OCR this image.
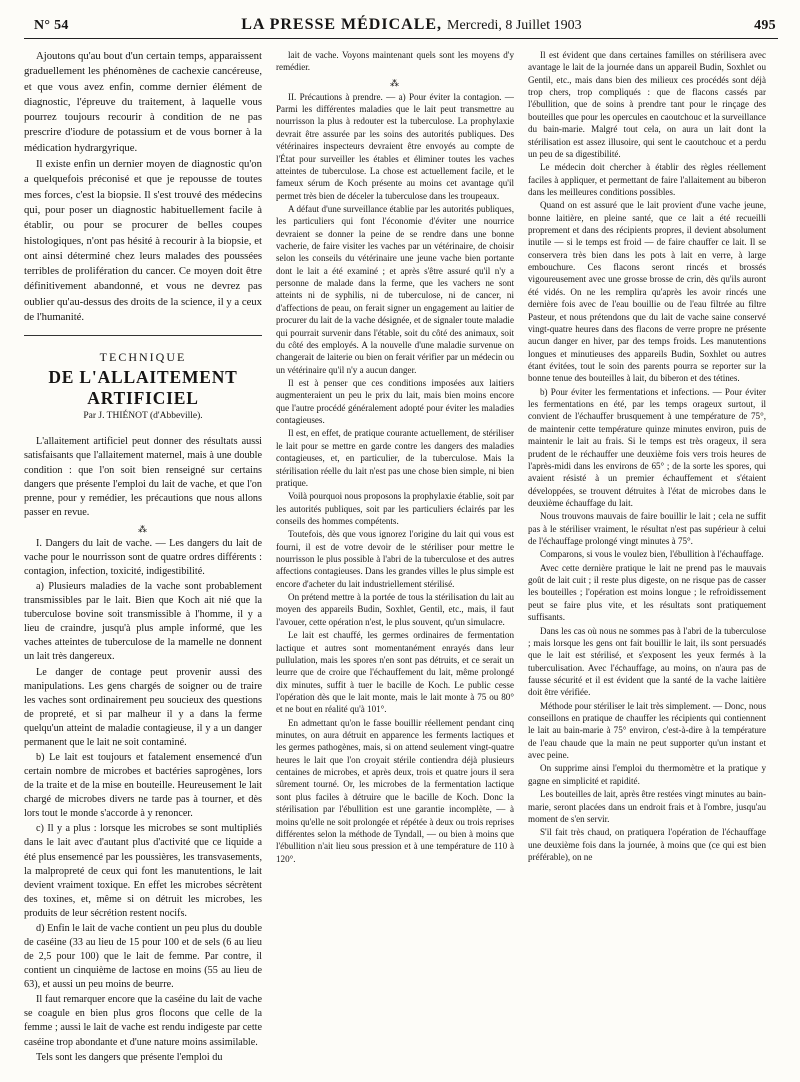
N° 54	LA PRESSE MÉDICALE, Mercredi, 8 Juillet 1903	495

Ajoutons qu'au bout d'un certain temps, apparaissent graduellement les phénomènes de cachexie cancéreuse, et que vous avez enfin, comme dernier élément de diagnostic, l'épreuve du traitement, à laquelle vous pourrez toujours recourir à condition de ne pas prescrire d'iodure de potassium et de vous borner à la médication hydrargyrique.

Il existe enfin un dernier moyen de diagnostic qu'on a quelquefois préconisé et que je repousse de toutes mes forces, c'est la biopsie. Il s'est trouvé des médecins qui, pour poser un diagnostic habituellement facile à établir, ou pour se procurer de belles coupes histologiques, n'ont pas hésité à recourir à la biopsie, et ont ainsi déterminé chez leurs malades des poussées terribles de prolifération du cancer. Ce moyen doit être définitivement abandonné, et vous ne devrez pas oublier qu'au-dessus des droits de la science, il y a ceux de l'humanité.

TECHNIQUE
DE L'ALLAITEMENT ARTIFICIEL
Par J. THIÉNOT (d'Abbeville).

L'allaitement artificiel peut donner des résultats aussi satisfaisants que l'allaitement maternel, mais à une double condition : que l'on soit bien renseigné sur certains dangers que présente l'emploi du lait de vache, et que l'on prenne, pour y remédier, les précautions que nous allons passer en revue.

⁂

I. Dangers du lait de vache. — Les dangers du lait de vache pour le nourrisson sont de quatre ordres différents : contagion, infection, toxicité, indigestibilité.

a) Plusieurs maladies de la vache sont probablement transmissibles par le lait. Bien que Koch ait nié que la tuberculose bovine soit transmissible à l'homme, il y a lieu de craindre, jusqu'à plus ample informé, que les vaches atteintes de tuberculose de la mamelle ne donnent un lait très dangereux.

Le danger de contage peut provenir aussi des manipulations. Les gens chargés de soigner ou de traire les vaches sont ordinairement peu soucieux des questions de propreté, et si par malheur il y a dans la ferme quelqu'un atteint de maladie contagieuse, il y a un danger permanent que le lait ne soit contaminé.

b) Le lait est toujours et fatalement ensemencé d'un certain nombre de microbes et bactéries saprogènes, lors de la traite et de la mise en bouteille. Heureusement le lait chargé de microbes divers ne tarde pas à tourner, et dès lors tout le monde s'accorde à y renoncer.

c) Il y a plus : lorsque les microbes se sont multipliés dans le lait avec d'autant plus d'activité que ce liquide a été plus ensemencé par les poussières, les transvasements, la malpropreté de ceux qui font les manutentions, le lait devient vraiment toxique. En effet les microbes sécrètent des toxines, et, même si on détruit les microbes, les produits de leur sécrétion restent nocifs.

d) Enfin le lait de vache contient un peu plus du double de caséine (33 au lieu de 15 pour 100 et de sels (6 au lieu de 2,5 pour 100) que le lait de femme. Par contre, il contient un cinquième de lactose en moins (55 au lieu de 63), et aussi un peu moins de beurre.

Il faut remarquer encore que la caséine du lait de vache se coagule en bien plus gros flocons que celle de la femme ; aussi le lait de vache est rendu indigeste par cette caséine trop abondante et d'une nature moins assimilable.

Tels sont les dangers que présente l'emploi du

lait de vache. Voyons maintenant quels sont les moyens d'y remédier.

⁂

II. Précautions à prendre. — a) Pour éviter la contagion. — Parmi les différentes maladies que le lait peut transmettre au nourrisson la plus à redouter est la tuberculose. La prophylaxie devrait être assurée par les soins des autorités publiques. Des vétérinaires inspecteurs devraient être envoyés au compte de l'État pour surveiller les étables et éliminer toutes les vaches atteintes de tuberculose. La chose est actuellement facile, et le fameux sérum de Koch présente au moins cet avantage qu'il permet très bien de déceler la tuberculose dans les troupeaux.

A défaut d'une surveillance établie par les autorités publiques, les particuliers qui font l'économie d'éviter une nourrice devraient se donner la peine de se rendre dans une bonne vacherie, de faire visiter les vaches par un vétérinaire, de choisir selon les conseils du vétérinaire une jeune vache bien portante dont le lait a été examiné ; et après s'être assuré qu'il n'y a personne de malade dans la ferme, que les vachers ne sont atteints ni de syphilis, ni de tuberculose, ni de cancer, ni d'affections de peau, on ferait signer un engagement au laitier de procurer du lait de la vache désignée, et de signaler toute maladie qui pourrait survenir dans l'étable, soit du côté des animaux, soit du côté des employés. A la nouvelle d'une maladie survenue on changerait de laiterie ou bien on ferait vérifier par un médecin ou un vétérinaire qu'il n'y a aucun danger.

Il est à penser que ces conditions imposées aux laitiers augmenteraient un peu le prix du lait, mais bien moins encore que l'autre procédé généralement adopté pour éviter les maladies contagieuses.

Il est, en effet, de pratique courante actuellement, de stériliser le lait pour se mettre en garde contre les dangers des maladies contagieuses, et, en particulier, de la tuberculose. Mais la stérilisation réelle du lait n'est pas une chose bien simple, ni bien pratique.

Voilà pourquoi nous proposons la prophylaxie établie, soit par les autorités publiques, soit par les particuliers éclairés par les conseils des hommes compétents.

Toutefois, dès que vous ignorez l'origine du lait qui vous est fourni, il est de votre devoir de le stériliser pour mettre le nourrisson le plus possible à l'abri de la tuberculose et des autres affections contagieuses. Dans les grandes villes le plus simple est encore d'acheter du lait industriellement stérilisé.

On prétend mettre à la portée de tous la stérilisation du lait au moyen des appareils Budin, Soxhlet, Gentil, etc., mais, il faut l'avouer, cette opération n'est, le plus souvent, qu'un simulacre.

Le lait est chauffé, les germes ordinaires de fermentation lactique et autres sont momentanément enrayés dans leur pullulation, mais les spores n'en sont pas détruits, et ce serait un leurre que de croire que l'échauffement du lait, même prolongé dix minutes, suffit à tuer le bacille de Koch. Le public cesse l'opération dès que le lait monte, mais le lait monte à 75 ou 80° et ne bout en réalité qu'à 101°.

En admettant qu'on le fasse bouillir réellement pendant cinq minutes, on aura détruit en apparence les ferments lactiques et les germes pathogènes, mais, si on attend seulement vingt-quatre heures le lait que l'on croyait stérile contiendra déjà plusieurs centaines de microbes, et après deux, trois et quatre jours il sera sûrement tourné. Or, les microbes de la fermentation lactique sont plus faciles à détruire que le bacille de Koch. Donc la stérilisation par l'ébullition est une garantie incomplète, — à moins qu'elle ne soit prolongée et répétée à deux ou trois reprises différentes selon la méthode de Tyndall, — ou bien à moins que l'ébullition n'ait lieu sous pression et à une température de 110 à 120°.

Il est évident que dans certaines familles on stérilisera avec avantage le lait de la journée dans un appareil Budin, Soxhlet ou Gentil, etc., mais dans bien des milieux ces procédés sont déjà trop chers, trop compliqués : que de flacons cassés par l'ébullition, que de soins à prendre tant pour le rinçage des bouteilles que pour les opercules en caoutchouc et la surveillance du bain-marie. Malgré tout cela, on aura un lait dont la stérilisation est assez illusoire, qui sent le caoutchouc et a perdu un peu de sa digestibilité.

Le médecin doit chercher à établir des règles réellement faciles à appliquer, et permettant de faire l'allaitement au biberon dans les meilleures conditions possibles.

Quand on est assuré que le lait provient d'une vache jeune, bonne laitière, en pleine santé, que ce lait a été recueilli proprement et dans des récipients propres, il devient absolument inutile — si le temps est froid — de faire chauffer ce lait. Il se conservera très bien dans les pots à lait en verre, à large embouchure. Ces flacons seront rincés et brossés vigoureusement avec une grosse brosse de crin, dès qu'ils auront été vidés. On ne les remplira qu'après les avoir rincés une dernière fois avec de l'eau bouillie ou de l'eau filtrée au filtre Pasteur, et nous prétendons que du lait de vache saine conservé vingt-quatre heures dans des flacons de verre propre ne présente aucun danger en hiver, par des temps froids. Les manutentions longues et minutieuses des appareils Budin, Soxhlet ou autres étant évitées, tout le soin des parents pourra se reporter sur la bonne tenue des bouteilles à lait, du biberon et des tétines.

b) Pour éviter les fermentations et infections. — Pour éviter les fermentations en été, par les temps orageux surtout, il convient de l'échauffer brusquement à une température de 75°, de maintenir cette température quinze minutes environ, puis de maintenir le lait au frais. Si le temps est très orageux, il sera prudent de le réchauffer une deuxième fois vers trois heures de l'après-midi dans les environs de 65° ; de la sorte les spores, qui avaient résisté à un premier échauffement et s'étaient développées, se trouvent détruites à l'état de microbes dans le deuxième échauffage du lait.

Nous trouvons mauvais de faire bouillir le lait ; cela ne suffit pas à le stériliser vraiment, le résultat n'est pas supérieur à celui de l'échauffage prolongé vingt minutes à 75°.

Comparons, si vous le voulez bien, l'ébullition à l'échauffage.

Avec cette dernière pratique le lait ne prend pas le mauvais goût de lait cuit ; il reste plus digeste, on ne risque pas de casser les bouteilles ; l'opération est moins longue ; le refroidissement peut se faire plus vite, et les résultats sont pratiquement suffisants.

Dans les cas où nous ne sommes pas à l'abri de la tuberculose ; mais lorsque les gens ont fait bouillir le lait, ils sont persuadés que le lait est stérilisé, et s'exposent les yeux fermés à la tuberculisation. Avec l'échauffage, au moins, on n'aura pas de fausse sécurité et il est évident que la santé de la vache laitière doit être vérifiée.

Méthode pour stériliser le lait très simplement. — Donc, nous conseillons en pratique de chauffer les récipients qui contiennent le lait au bain-marie à 75° environ, c'est-à-dire à la température de l'eau chaude que la main ne peut supporter qu'un instant et avec peine.

On supprime ainsi l'emploi du thermomètre et la pratique y gagne en simplicité et rapidité.

Les bouteilles de lait, après être restées vingt minutes au bain-marie, seront placées dans un endroit frais et à l'ombre, jusqu'au moment de s'en servir.

S'il fait très chaud, on pratiquera l'opération de l'échauffage une deuxième fois dans la journée, à moins que (ce qui est bien préférable), on ne
